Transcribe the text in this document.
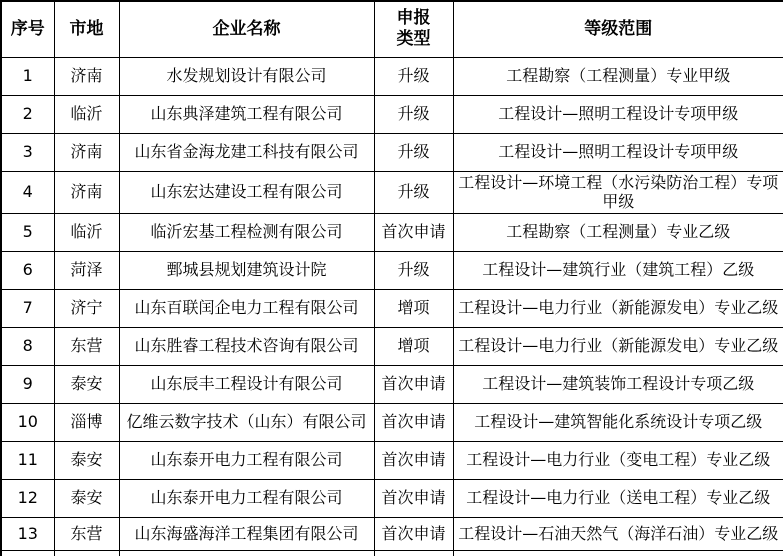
序号	市地	企业名称	申报类型	等级范围
1	济南	水发规划设计有限公司	升级	工程勘察（工程测量）专业甲级
2	临沂	山东典泽建筑工程有限公司	升级	工程设计—照明工程设计专项甲级
3	济南	山东省金海龙建工科技有限公司	升级	工程设计—照明工程设计专项甲级
4	济南	山东宏达建设工程有限公司	升级	工程设计—环境工程（水污染防治工程）专项甲级
5	临沂	临沂宏基工程检测有限公司	首次申请	工程勘察（工程测量）专业乙级
6	菏泽	鄄城县规划建筑设计院	升级	工程设计—建筑行业（建筑工程）乙级
7	济宁	山东百联闰企电力工程有限公司	增项	工程设计—电力行业（新能源发电）专业乙级
8	东营	山东胜睿工程技术咨询有限公司	增项	工程设计—电力行业（新能源发电）专业乙级
9	泰安	山东辰丰工程设计有限公司	首次申请	工程设计—建筑装饰工程设计专项乙级
10	淄博	亿维云数字技术（山东）有限公司	首次申请	工程设计—建筑智能化系统设计专项乙级
11	泰安	山东泰开电力工程有限公司	首次申请	工程设计—电力行业（变电工程）专业乙级
12	泰安	山东泰开电力工程有限公司	首次申请	工程设计—电力行业（送电工程）专业乙级
13	东营	山东海盛海洋工程集团有限公司	首次申请	工程设计—石油天然气（海洋石油）专业乙级
